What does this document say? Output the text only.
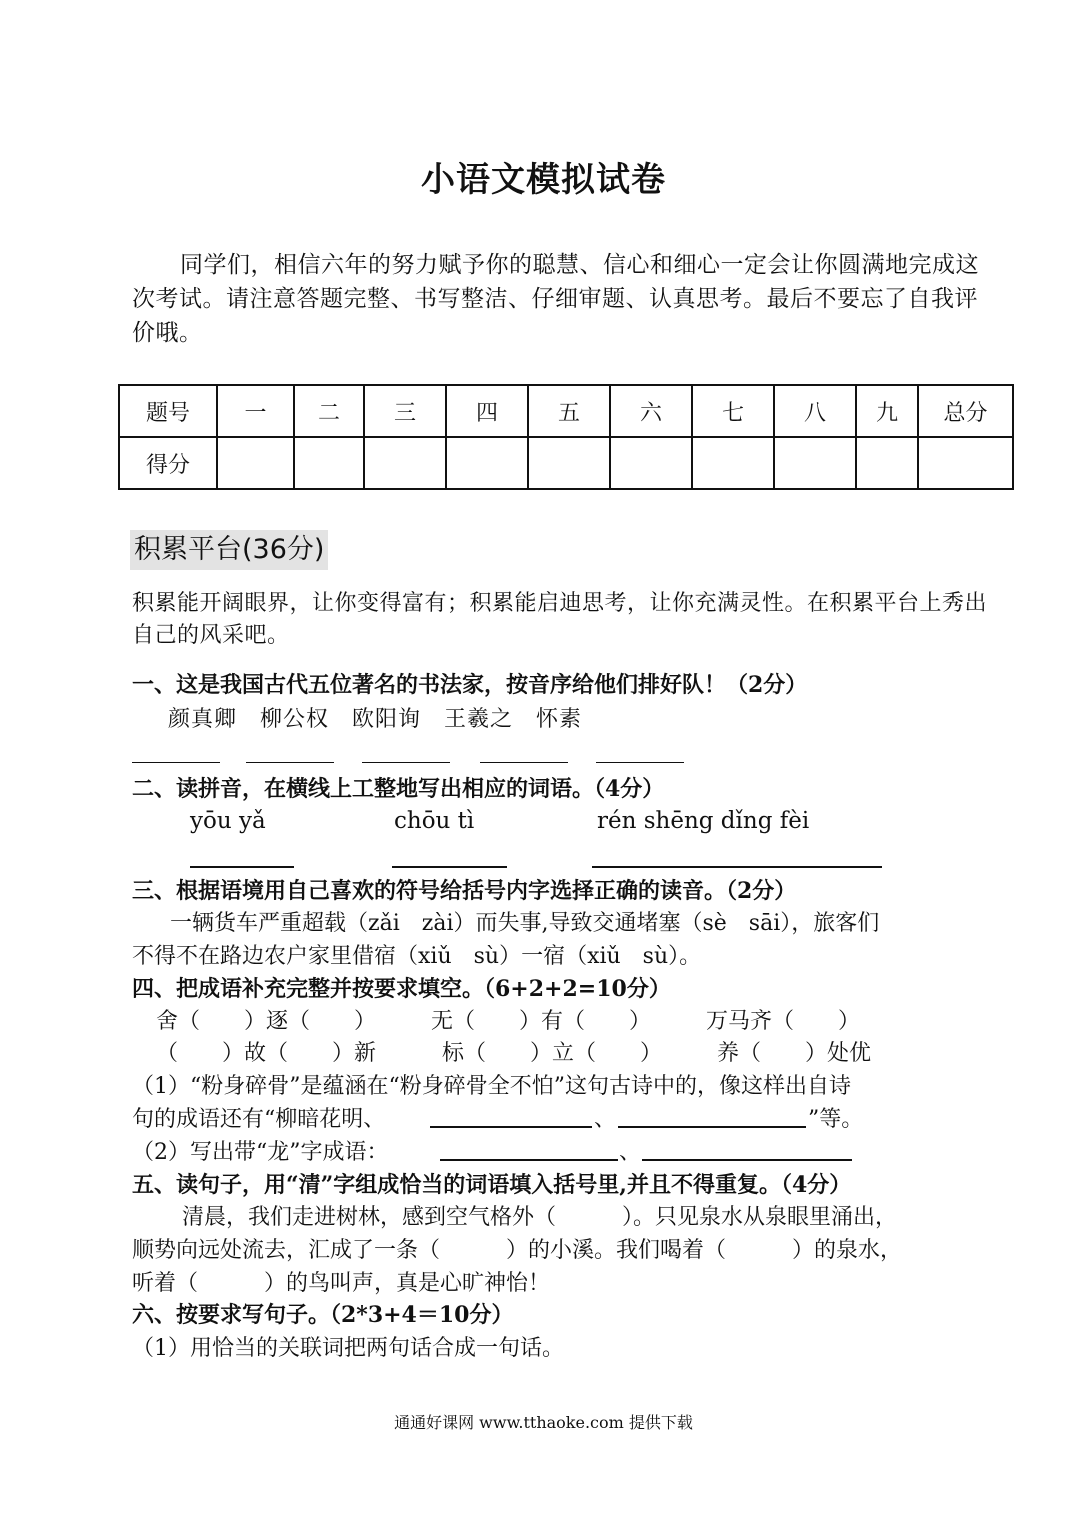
小语文模拟试卷
同学们，相信六年的努力赋予你的聪慧、信心和细心一定会让你圆满地完成这次考试。请注意答题完整、书写整洁、仔细审题、认真思考。最后不要忘了自我评价哦。
题号	一	二	三	四	五	六	七	八	九	总分
得分										
积累平台(36分)
积累能开阔眼界，让你变得富有；积累能启迪思考，让你充满灵性。在积累平台上秀出自己的风采吧。
一、这是我国古代五位著名的书法家，按音序给他们排好队！（2分）
颜真卿　柳公权　欧阳询　王羲之　怀素
二、读拼音，在横线上工整地写出相应的词语。（4分）
yōu yǎ	chōu tì	rén shēng dǐng fèi
三、根据语境用自己喜欢的符号给括号内字选择正确的读音。（2分）
一辆货车严重超载（zǎi　zài）而失事,导致交通堵塞（sè　sāi），旅客们
不得不在路边农户家里借宿（xiǔ　sù）一宿（xiǔ　sù）。
四、把成语补充完整并按要求填空。（6+2+2=10分）
舍（　　）逐（　　）　　　无（　　）有（　　）　　　万马齐（　　）
（　　）故（　　）新　　　标（　　）立（　　）　　　养（　　）处优
（1）“粉身碎骨”是蕴涵在“粉身碎骨全不怕”这句古诗中的，像这样出自诗
句的成语还有“柳暗花明、	、	”等。
（2）写出带“龙”字成语：	、
五、读句子，用“清”字组成恰当的词语填入括号里,并且不得重复。（4分）
清晨，我们走进树林，感到空气格外（　　　）。只见泉水从泉眼里涌出，
顺势向远处流去，汇成了一条（　　　）的小溪。我们喝着（　　　）的泉水，
听着（　　　）的鸟叫声，真是心旷神怡！
六、按要求写句子。（2*3+4＝10分）
（1）用恰当的关联词把两句话合成一句话。
通通好课网 www.tthaoke.com 提供下载
